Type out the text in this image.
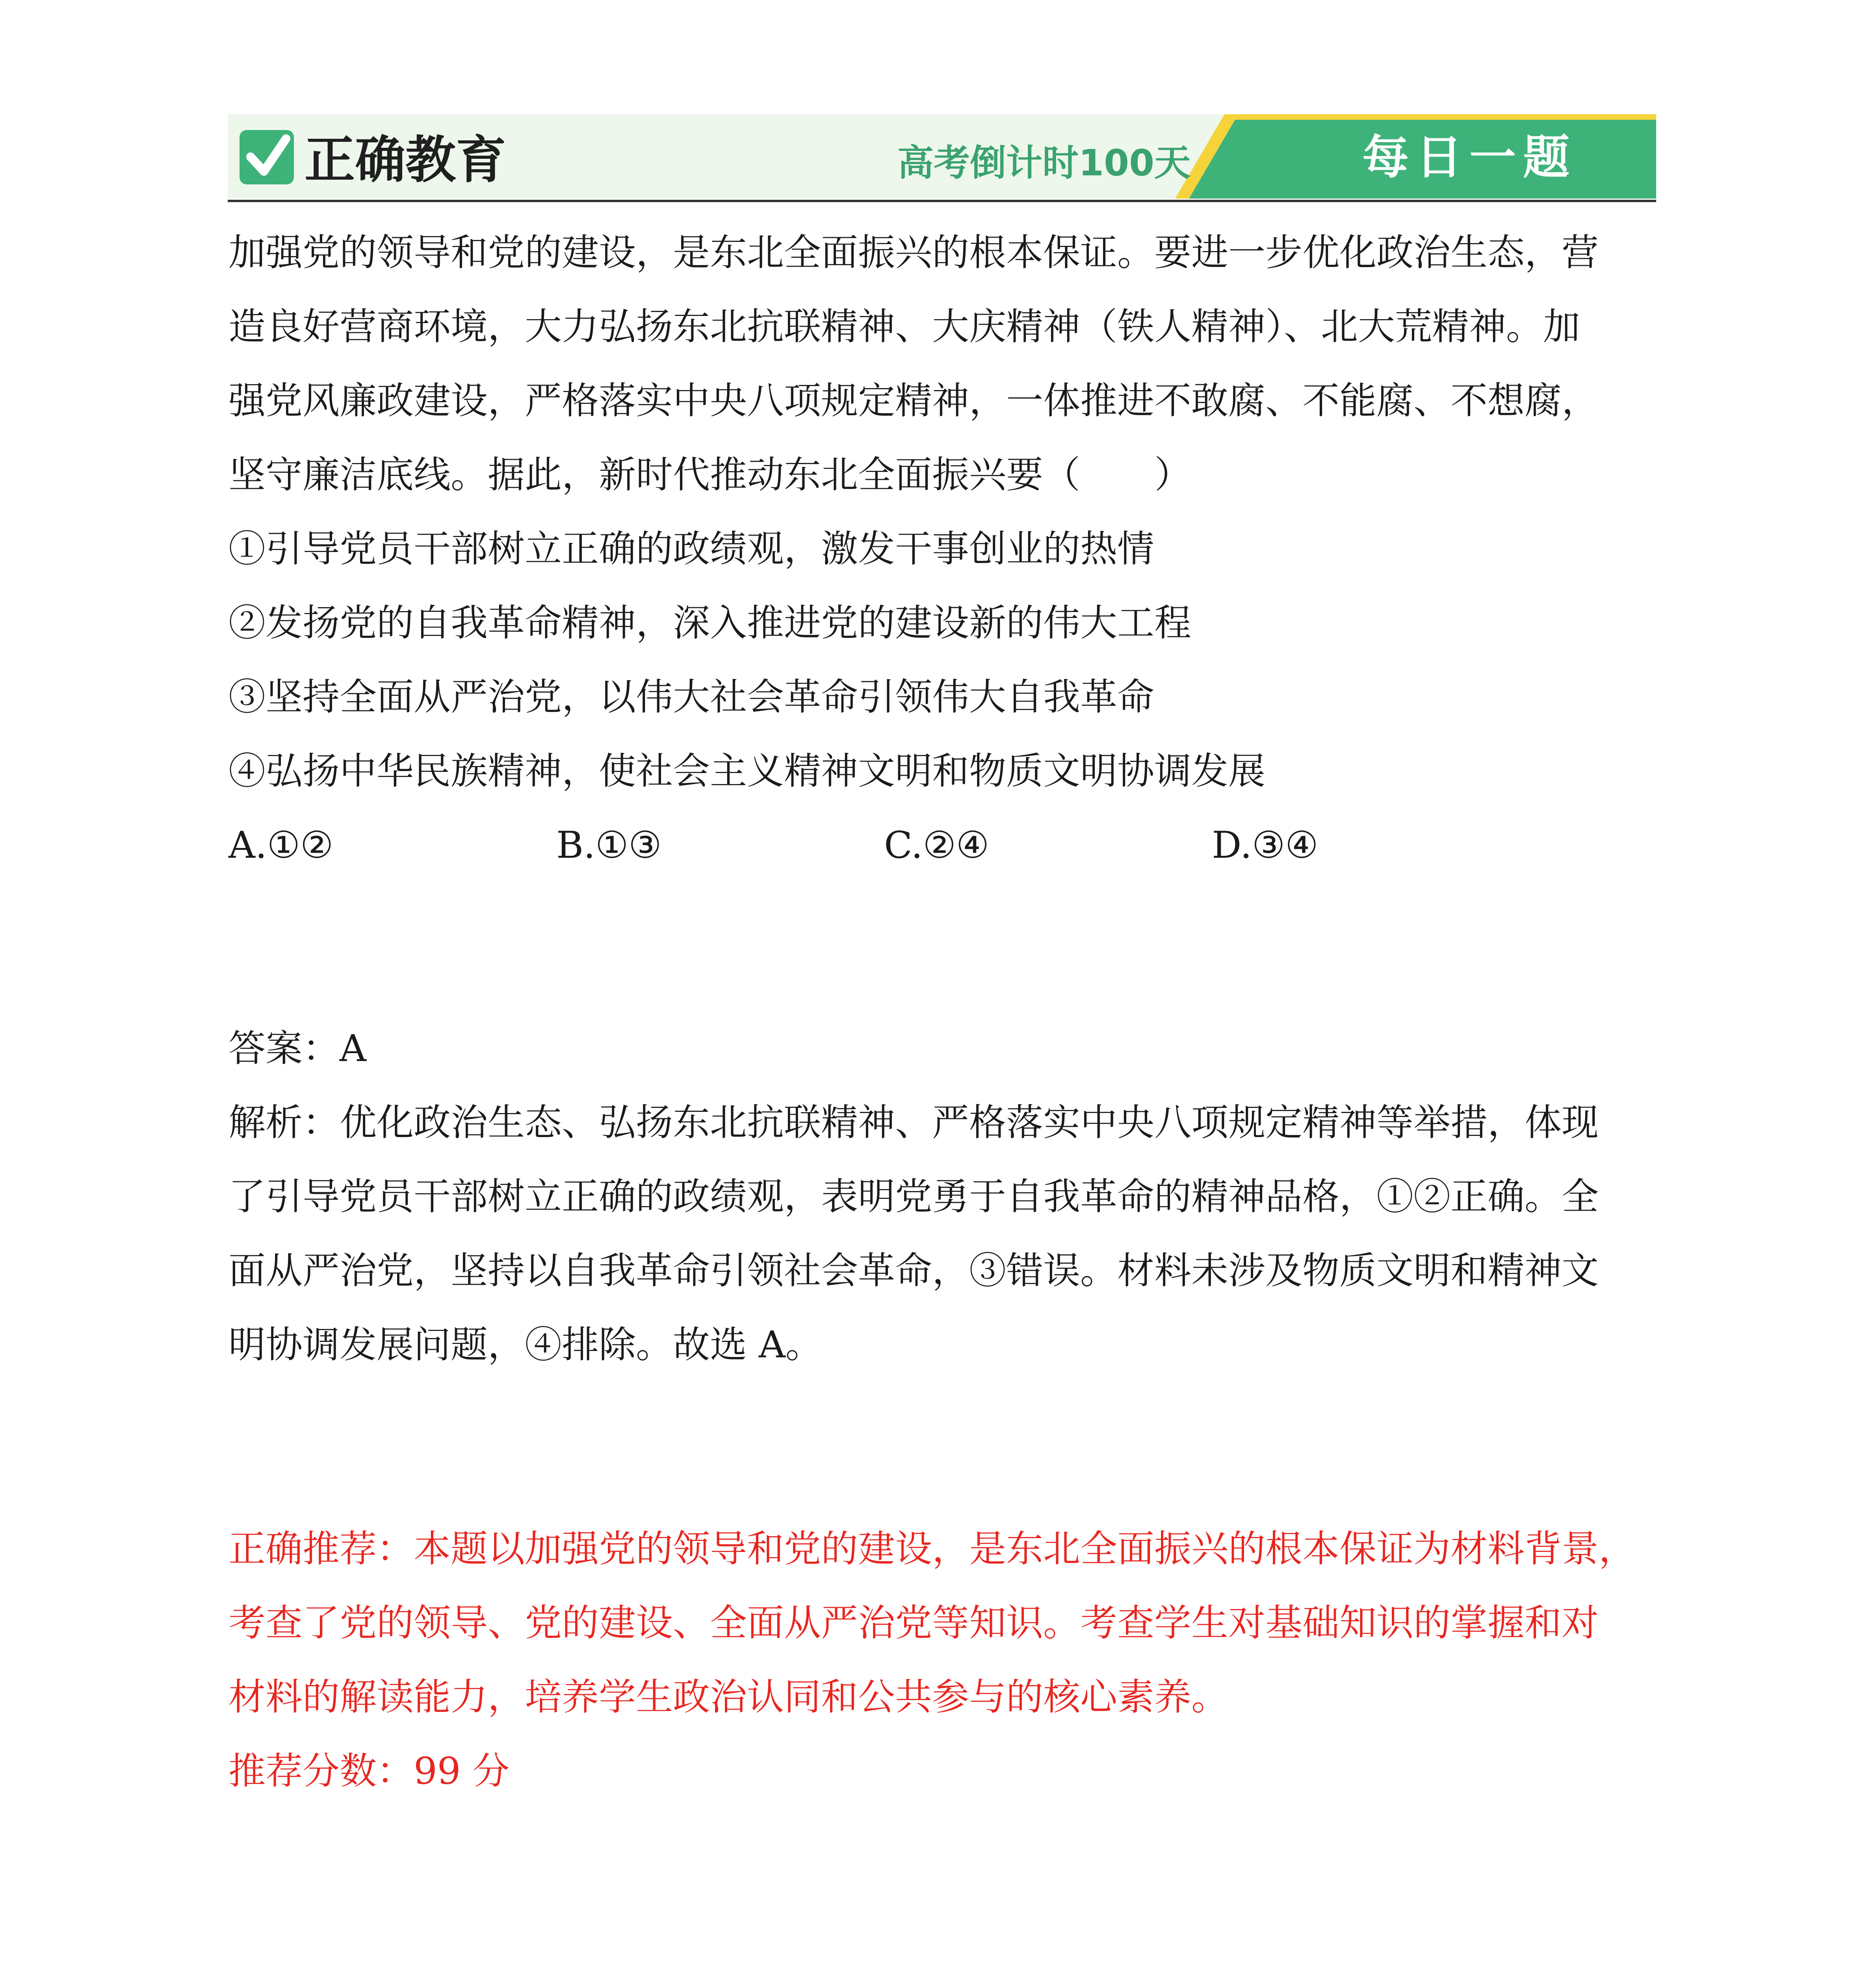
正确教育	高考倒计时100天	每日一题
加强党的领导和党的建设，是东北全面振兴的根本保证。要进一步优化政治生态，营
造良好营商环境，大力弘扬东北抗联精神、大庆精神（铁人精神）、北大荒精神。加
强党风廉政建设，严格落实中央八项规定精神，一体推进不敢腐、不能腐、不想腐，
坚守廉洁底线。据此，新时代推动东北全面振兴要（　　）
①引导党员干部树立正确的政绩观，激发干事创业的热情
②发扬党的自我革命精神，深入推进党的建设新的伟大工程
③坚持全面从严治党，以伟大社会革命引领伟大自我革命
④弘扬中华民族精神，使社会主义精神文明和物质文明协调发展
A.①②	B.①③	C.②④	D.③④
答案：A
解析：优化政治生态、弘扬东北抗联精神、严格落实中央八项规定精神等举措，体现
了引导党员干部树立正确的政绩观，表明党勇于自我革命的精神品格，①②正确。全
面从严治党，坚持以自我革命引领社会革命，③错误。材料未涉及物质文明和精神文
明协调发展问题，④排除。故选 A。
正确推荐：本题以加强党的领导和党的建设，是东北全面振兴的根本保证为材料背景，
考查了党的领导、党的建设、全面从严治党等知识。考查学生对基础知识的掌握和对
材料的解读能力，培养学生政治认同和公共参与的核心素养。
推荐分数：99 分
